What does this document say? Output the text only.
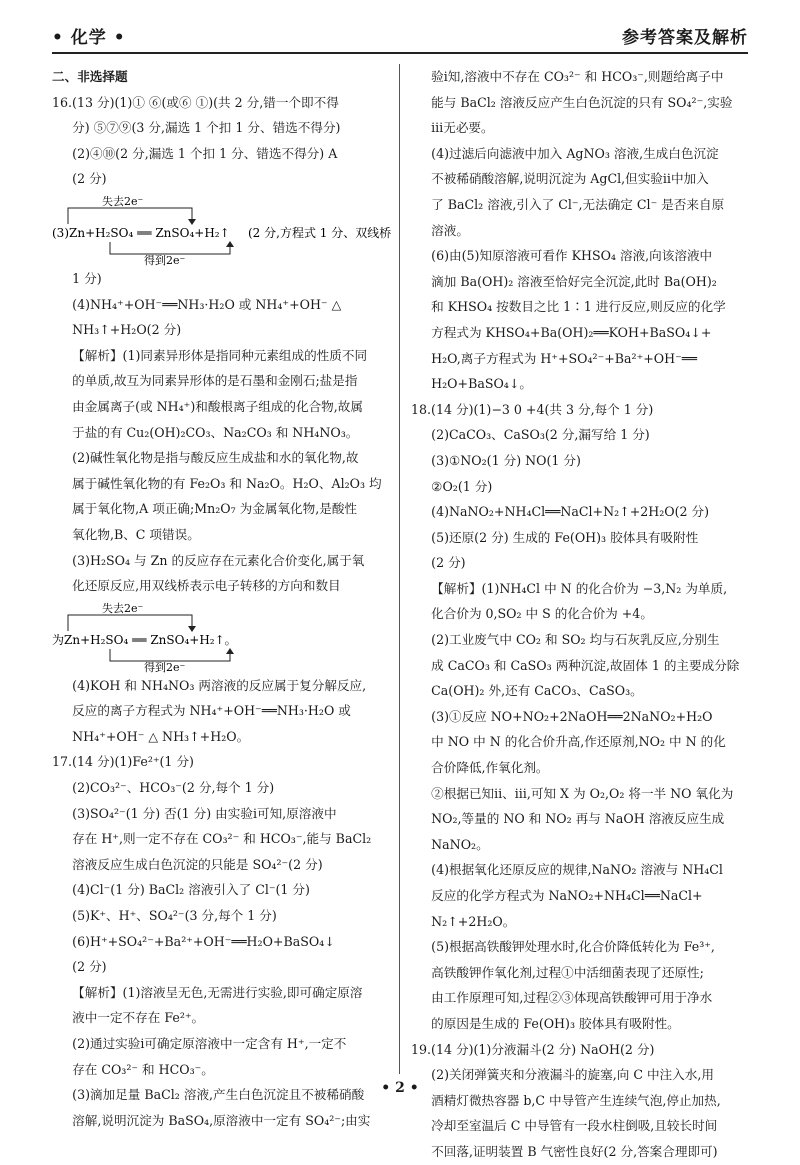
• 化学 •	参考答案及解析
二、非选择题
16.(13 分)(1)① ⑥(或⑥ ①)(共 2 分,错一个即不得
分) ⑤⑦⑨(3 分,漏选 1 个扣 1 分、错选不得分)
(2)④⑩(2 分,漏选 1 个扣 1 分、错选不得分) A
(2 分)
失去2e⁻
(3)Zn+H₂SO₄ ══ ZnSO₄+H₂↑
得到2e⁻
(2 分,方程式 1 分、双线桥
1 分)
(4)NH₄⁺+OH⁻══NH₃·H₂O 或 NH₄⁺+OH⁻ △
NH₃↑+H₂O(2 分)
【解析】(1)同素异形体是指同种元素组成的性质不同
的单质,故互为同素异形体的是石墨和金刚石;盐是指
由金属离子(或 NH₄⁺)和酸根离子组成的化合物,故属
于盐的有 Cu₂(OH)₂CO₃、Na₂CO₃ 和 NH₄NO₃。
(2)碱性氧化物是指与酸反应生成盐和水的氧化物,故
属于碱性氧化物的有 Fe₂O₃ 和 Na₂O。H₂O、Al₂O₃ 均
属于氧化物,A 项正确;Mn₂O₇ 为金属氧化物,是酸性
氧化物,B、C 项错误。
(3)H₂SO₄ 与 Zn 的反应存在元素化合价变化,属于氧
化还原反应,用双线桥表示电子转移的方向和数目
失去2e⁻
为Zn+H₂SO₄ ══ ZnSO₄+H₂↑。
得到2e⁻
(4)KOH 和 NH₄NO₃ 两溶液的反应属于复分解反应,
反应的离子方程式为 NH₄⁺+OH⁻══NH₃·H₂O 或
NH₄⁺+OH⁻ △ NH₃↑+H₂O。
17.(14 分)(1)Fe²⁺(1 分)
(2)CO₃²⁻、HCO₃⁻(2 分,每个 1 分)
(3)SO₄²⁻(1 分) 否(1 分) 由实验ⅰ可知,原溶液中
存在 H⁺,则一定不存在 CO₃²⁻ 和 HCO₃⁻,能与 BaCl₂
溶液反应生成白色沉淀的只能是 SO₄²⁻(2 分)
(4)Cl⁻(1 分) BaCl₂ 溶液引入了 Cl⁻(1 分)
(5)K⁺、H⁺、SO₄²⁻(3 分,每个 1 分)
(6)H⁺+SO₄²⁻+Ba²⁺+OH⁻══H₂O+BaSO₄↓
(2 分)
【解析】(1)溶液呈无色,无需进行实验,即可确定原溶
液中一定不存在 Fe²⁺。
(2)通过实验ⅰ可确定原溶液中一定含有 H⁺,一定不
存在 CO₃²⁻ 和 HCO₃⁻。
(3)滴加足量 BaCl₂ 溶液,产生白色沉淀且不被稀硝酸
溶解,说明沉淀为 BaSO₄,原溶液中一定有 SO₄²⁻;由实
验ⅰ知,溶液中不存在 CO₃²⁻ 和 HCO₃⁻,则题给离子中
能与 BaCl₂ 溶液反应产生白色沉淀的只有 SO₄²⁻,实验
ⅲ无必要。
(4)过滤后向滤液中加入 AgNO₃ 溶液,生成白色沉淀
不被稀硝酸溶解,说明沉淀为 AgCl,但实验ⅱ中加入
了 BaCl₂ 溶液,引入了 Cl⁻,无法确定 Cl⁻ 是否来自原
溶液。
(6)由(5)知原溶液可看作 KHSO₄ 溶液,向该溶液中
滴加 Ba(OH)₂ 溶液至恰好完全沉淀,此时 Ba(OH)₂
和 KHSO₄ 按数目之比 1∶1 进行反应,则反应的化学
方程式为 KHSO₄+Ba(OH)₂══KOH+BaSO₄↓+
H₂O,离子方程式为 H⁺+SO₄²⁻+Ba²⁺+OH⁻══
H₂O+BaSO₄↓。
18.(14 分)(1)−3 0 +4(共 3 分,每个 1 分)
(2)CaCO₃、CaSO₃(2 分,漏写给 1 分)
(3)①NO₂(1 分) NO(1 分)
②O₂(1 分)
(4)NaNO₂+NH₄Cl══NaCl+N₂↑+2H₂O(2 分)
(5)还原(2 分) 生成的 Fe(OH)₃ 胶体具有吸附性
(2 分)
【解析】(1)NH₄Cl 中 N 的化合价为 −3,N₂ 为单质,
化合价为 0,SO₂ 中 S 的化合价为 +4。
(2)工业废气中 CO₂ 和 SO₂ 均与石灰乳反应,分别生
成 CaCO₃ 和 CaSO₃ 两种沉淀,故固体 1 的主要成分除
Ca(OH)₂ 外,还有 CaCO₃、CaSO₃。
(3)①反应 NO+NO₂+2NaOH══2NaNO₂+H₂O
中 NO 中 N 的化合价升高,作还原剂,NO₂ 中 N 的化
合价降低,作氧化剂。
②根据已知ⅱ、ⅲ,可知 X 为 O₂,O₂ 将一半 NO 氧化为
NO₂,等量的 NO 和 NO₂ 再与 NaOH 溶液反应生成
NaNO₂。
(4)根据氧化还原反应的规律,NaNO₂ 溶液与 NH₄Cl
反应的化学方程式为 NaNO₂+NH₄Cl══NaCl+
N₂↑+2H₂O。
(5)根据高铁酸钾处理水时,化合价降低转化为 Fe³⁺,
高铁酸钾作氧化剂,过程①中活细菌表现了还原性;
由工作原理可知,过程②③体现高铁酸钾可用于净水
的原因是生成的 Fe(OH)₃ 胶体具有吸附性。
19.(14 分)(1)分液漏斗(2 分) NaOH(2 分)
(2)关闭弹簧夹和分液漏斗的旋塞,向 C 中注入水,用
酒精灯微热容器 b,C 中导管产生连续气泡,停止加热,
冷却至室温后 C 中导管有一段水柱倒吸,且较长时间
不回落,证明装置 B 气密性良好(2 分,答案合理即可)
• 2 •
